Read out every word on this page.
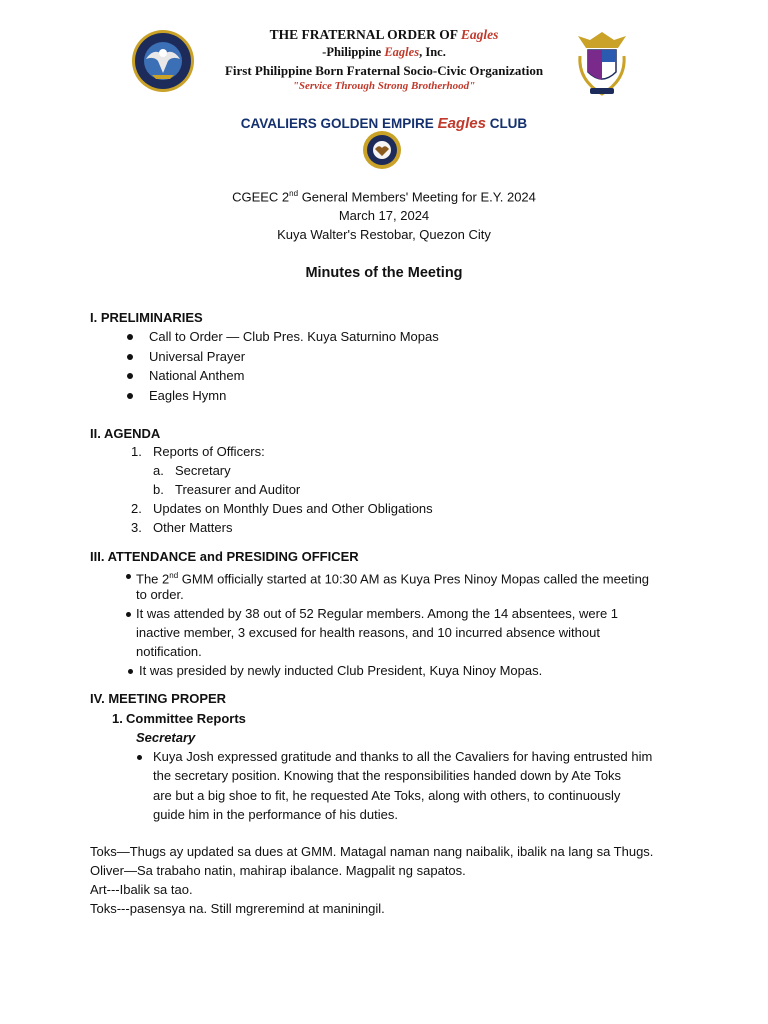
THE FRATERNAL ORDER OF Eagles
-Philippine Eagles, Inc.
First Philippine Born Fraternal Socio-Civic Organization
"Service Through Strong Brotherhood"
CAVALIERS GOLDEN EMPIRE Eagles CLUB
CGEEC 2nd General Members' Meeting for E.Y. 2024
March 17, 2024
Kuya Walter's Restobar, Quezon City
Minutes of the Meeting
I. PRELIMINARIES
Call to Order — Club Pres. Kuya Saturnino Mopas
Universal Prayer
National Anthem
Eagles Hymn
II. AGENDA
1. Reports of Officers:
a. Secretary
b. Treasurer and Auditor
2. Updates on Monthly Dues and Other Obligations
3. Other Matters
III. ATTENDANCE and PRESIDING OFFICER
The 2nd GMM officially started at 10:30 AM as Kuya Pres Ninoy Mopas called the meeting
to order.
It was attended by 38 out of 52 Regular members. Among the 14 absentees, were 1
inactive member, 3 excused for health reasons, and 10 incurred absence without
notification.
It was presided by newly inducted Club President, Kuya Ninoy Mopas.
IV. MEETING PROPER
1. Committee Reports
Secretary
Kuya Josh expressed gratitude and thanks to all the Cavaliers for having entrusted him
the secretary position. Knowing that the responsibilities handed down by Ate Toks
are but a big shoe to fit, he requested Ate Toks, along with others, to continuously
guide him in the performance of his duties.
Toks—Thugs ay updated sa dues at GMM. Matagal naman nang naibalik, ibalik na lang sa Thugs.
Oliver—Sa trabaho natin, mahirap ibalance. Magpalit ng sapatos.
Art---Ibalik sa tao.
Toks---pasensya na. Still mgreremind at maniningil.
